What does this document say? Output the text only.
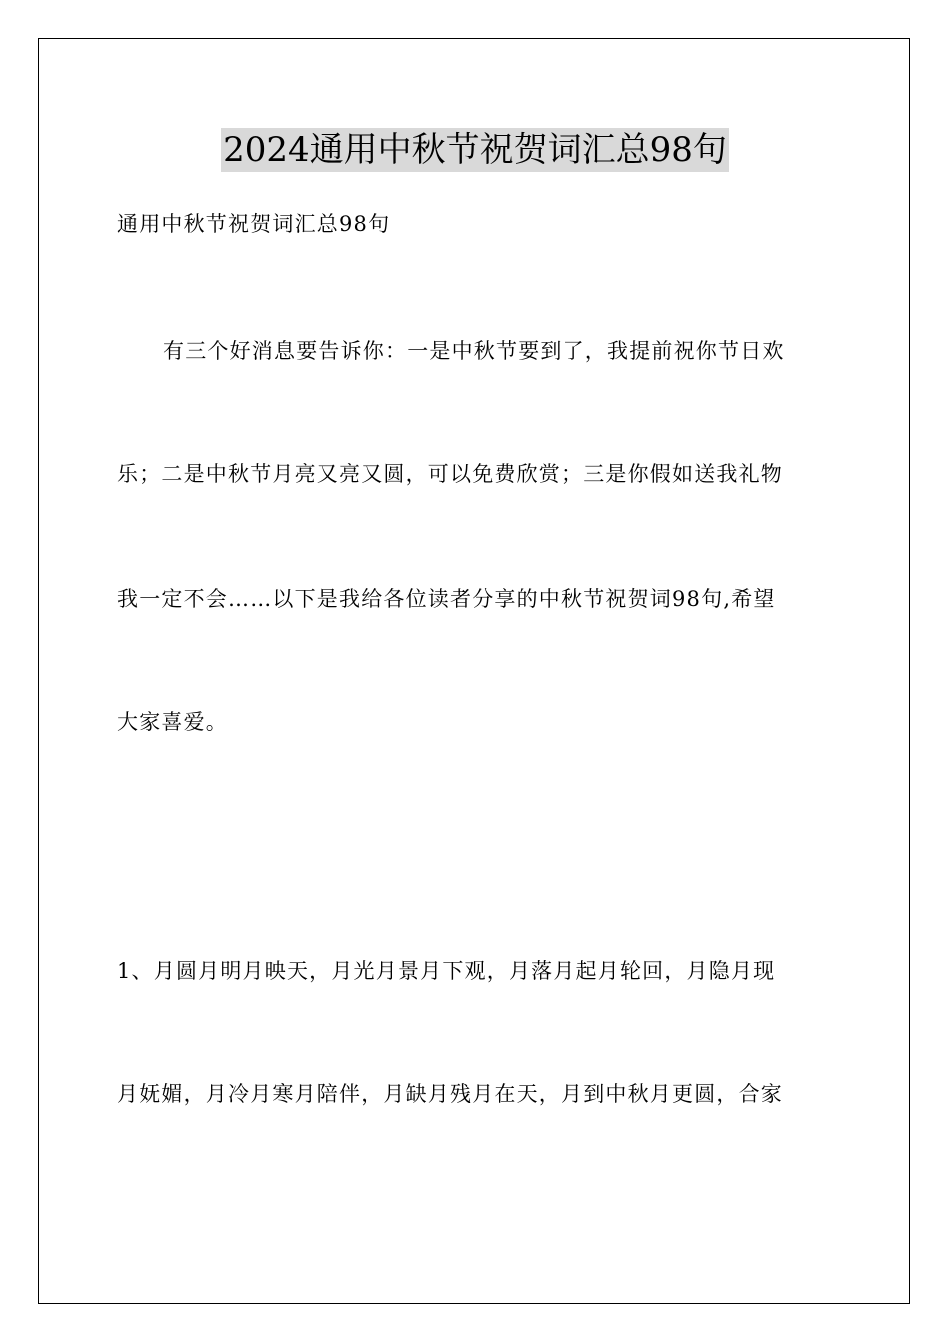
2024通用中秋节祝贺词汇总98句
通用中秋节祝贺词汇总98句
有三个好消息要告诉你：一是中秋节要到了，我提前祝你节日欢
乐；二是中秋节月亮又亮又圆，可以免费欣赏；三是你假如送我礼物
我一定不会……以下是我给各位读者分享的中秋节祝贺词98句,希望
大家喜爱。
1、月圆月明月映天，月光月景月下观，月落月起月轮回，月隐月现
月妩媚，月冷月寒月陪伴，月缺月残月在天，月到中秋月更圆，合家
